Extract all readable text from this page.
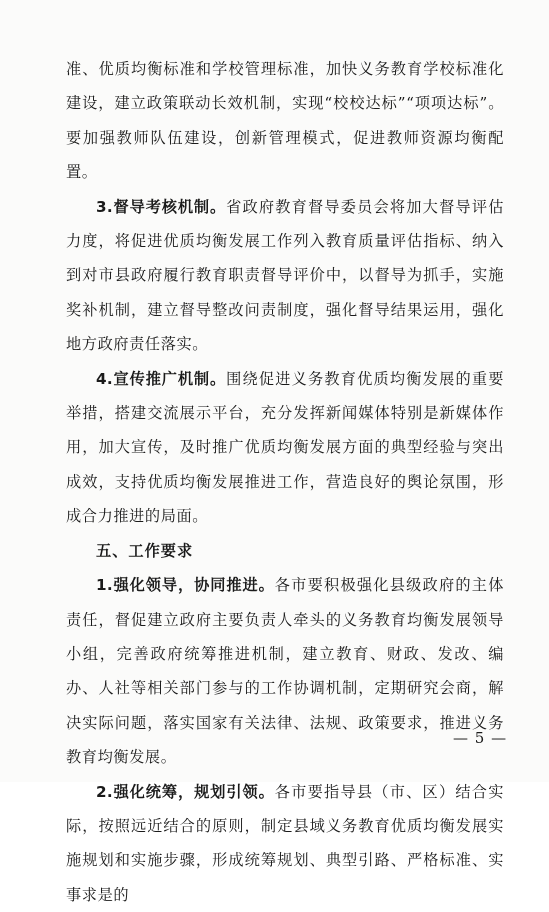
准、优质均衡标准和学校管理标准，加快义务教育学校标准化建设，建立政策联动长效机制，实现“校校达标”“项项达标”。要加强教师队伍建设，创新管理模式，促进教师资源均衡配置。

3.督导考核机制。省政府教育督导委员会将加大督导评估力度，将促进优质均衡发展工作列入教育质量评估指标、纳入到对市县政府履行教育职责督导评价中，以督导为抓手，实施奖补机制，建立督导整改问责制度，强化督导结果运用，强化地方政府责任落实。

4.宣传推广机制。围绕促进义务教育优质均衡发展的重要举措，搭建交流展示平台，充分发挥新闻媒体特别是新媒体作用，加大宣传，及时推广优质均衡发展方面的典型经验与突出成效，支持优质均衡发展推进工作，营造良好的舆论氛围，形成合力推进的局面。

五、工作要求

1.强化领导，协同推进。各市要积极强化县级政府的主体责任，督促建立政府主要负责人牵头的义务教育均衡发展领导小组，完善政府统筹推进机制，建立教育、财政、发改、编办、人社等相关部门参与的工作协调机制，定期研究会商，解决实际问题，落实国家有关法律、法规、政策要求，推进义务教育均衡发展。

2.强化统筹，规划引领。各市要指导县（市、区）结合实际，按照远近结合的原则，制定县域义务教育优质均衡发展实施规划和实施步骤，形成统筹规划、典型引路、严格标准、实事求是的

— 5 —
